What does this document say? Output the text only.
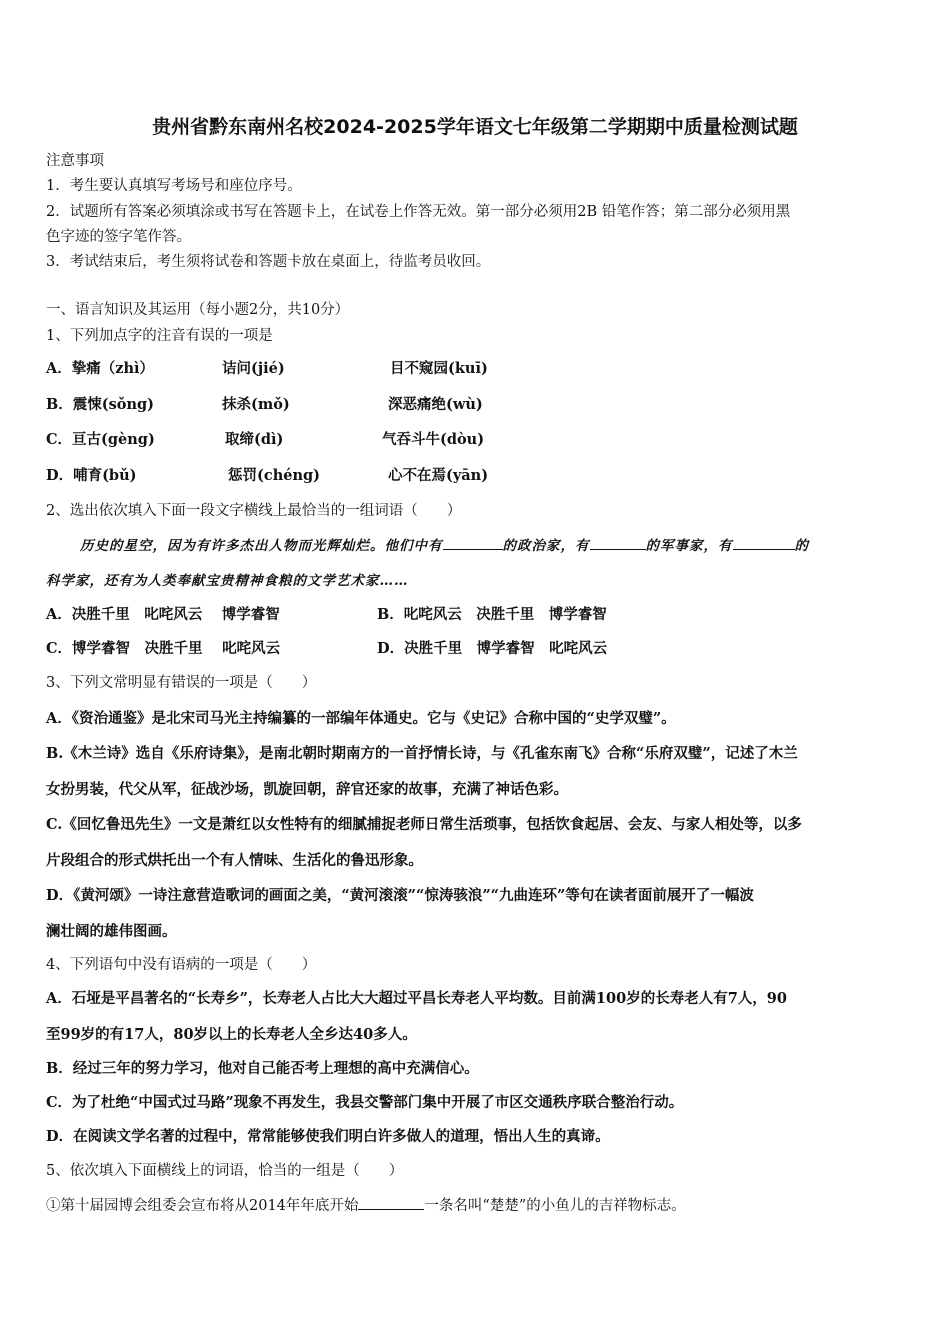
贵州省黔东南州名校2024-2025学年语文七年级第二学期期中质量检测试题
注意事项
1．考生要认真填写考场号和座位序号。
2．试题所有答案必须填涂或书写在答题卡上，在试卷上作答无效。第一部分必须用2B 铅笔作答；第二部分必须用黑
色字迹的签字笔作答。
3．考试结束后，考生须将试卷和答题卡放在桌面上，待监考员收回。
一、语言知识及其运用（每小题2分，共10分）
1、下列加点字的注音有误的一项是
A．挚痛（zhì）	诘问(jié)	目不窥园(kuī)
B．震悚(sǒng)	抹杀(mǒ)	深恶痛绝(wù)
C．亘古(gèng)	取缔(dì)	气吞斗牛(dòu)
D．哺育(bǔ)	惩罚(chéng)	心不在焉(yān)
2、选出依次填入下面一段文字横线上最恰当的一组词语（　　）
历史的星空，因为有许多杰出人物而光辉灿烂。他们中有	的政治家，有	的军事家，有	的
科学家，还有为人类奉献宝贵精神食粮的文学艺术家……
A．决胜千里　叱咤风云　 博学睿智	B．叱咤风云　决胜千里　博学睿智
C．博学睿智　决胜千里　 叱咤风云	D．决胜千里　博学睿智　叱咤风云
3、下列文常明显有错误的一项是（　　）
A．《资治通鉴》是北宋司马光主持编纂的一部编年体通史。它与《史记》合称中国的“史学双璧”。
B.《木兰诗》选自《乐府诗集》，是南北朝时期南方的一首抒情长诗，与《孔雀东南飞》合称“乐府双璧”，记述了木兰
女扮男装，代父从军，征战沙场，凯旋回朝，辞官还家的故事，充满了神话色彩。
C.《回忆鲁迅先生》一文是萧红以女性特有的细腻捕捉老师日常生活琐事，包括饮食起居、会友、与家人相处等，以多
片段组合的形式烘托出一个有人情味、生活化的鲁迅形象。
D．《黄河颂》一诗注意营造歌词的画面之美，“黄河滚滚”“惊涛骇浪”“九曲连环”等句在读者面前展开了一幅波
澜壮阔的雄伟图画。
4、下列语句中没有语病的一项是（　　）
A．石垭是平昌著名的“长寿乡”，长寿老人占比大大超过平昌长寿老人平均数。目前满100岁的长寿老人有7人，90
至99岁的有17人，80岁以上的长寿老人全乡达40多人。
B．经过三年的努力学习，他对自己能否考上理想的高中充满信心。
C．为了杜绝“中国式过马路”现象不再发生，我县交警部门集中开展了市区交通秩序联合整治行动。
D．在阅读文学名著的过程中，常常能够使我们明白许多做人的道理，悟出人生的真谛。
5、依次填入下面横线上的词语，恰当的一组是（　　）
①第十届园博会组委会宣布将从2014年年底开始	一条名叫“楚楚”的小鱼儿的吉祥物标志。
